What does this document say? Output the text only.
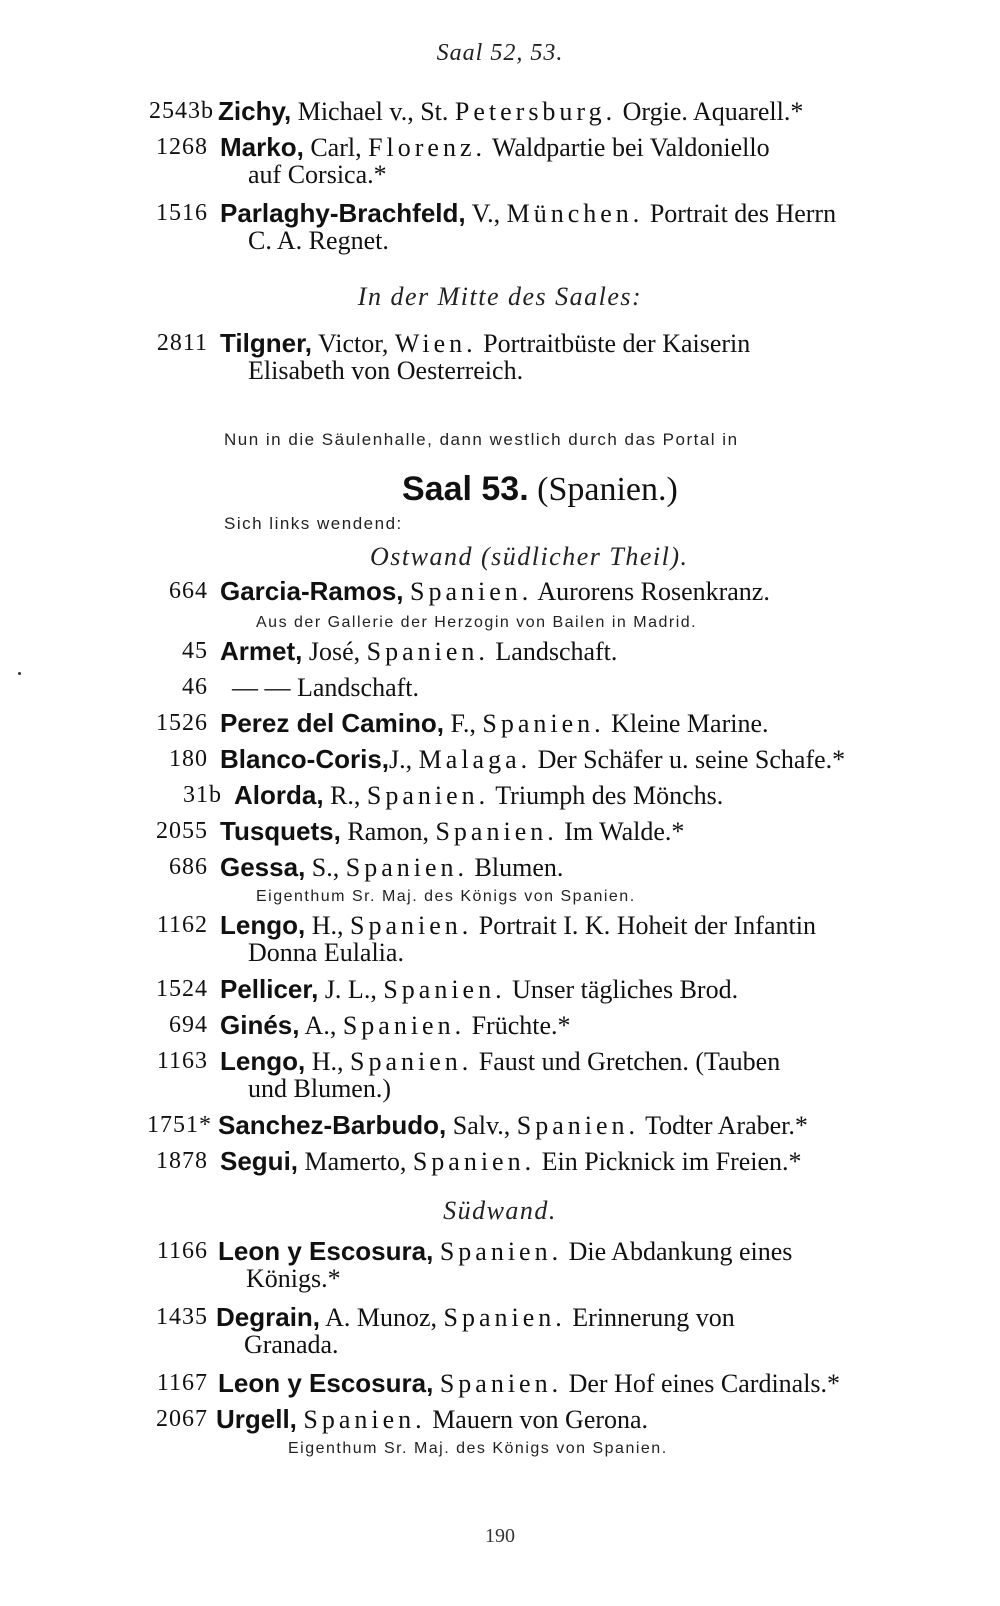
Saal 52, 53.
2543b Zichy, Michael v., St. Petersburg. Orgie. Aquarell.*
1268 Marko, Carl, Florenz. Waldpartie bei Valdoniello
auf Corsica.*
1516 Parlaghy-Brachfeld, V., München. Portrait des Herrn
C. A. Regnet.
In der Mitte des Saales:
2811 Tilgner, Victor, Wien. Portraitbüste der Kaiserin
Elisabeth von Oesterreich.
Nun in die Säulenhalle, dann westlich durch das Portal in
Saal 53. (Spanien.)
Sich links wendend:
Ostwand (südlicher Theil).
664 Garcia-Ramos, Spanien. Aurorens Rosenkranz.
Aus der Gallerie der Herzogin von Bailen in Madrid.
45 Armet, José, Spanien. Landschaft.
46 — — Landschaft.
1526 Perez del Camino, F., Spanien. Kleine Marine.
180 Blanco-Coris,J., Malaga. Der Schäfer u. seine Schafe.*
31b Alorda, R., Spanien. Triumph des Mönchs.
2055 Tusquets, Ramon, Spanien. Im Walde.*
686 Gessa, S., Spanien. Blumen.
Eigenthum Sr. Maj. des Königs von Spanien.
1162 Lengo, H., Spanien. Portrait I. K. Hoheit der Infantin
Donna Eulalia.
1524 Pellicer, J. L., Spanien. Unser tägliches Brod.
694 Ginés, A., Spanien. Früchte.*
1163 Lengo, H., Spanien. Faust und Gretchen. (Tauben
und Blumen.)
1751* Sanchez-Barbudo, Salv., Spanien. Todter Araber.*
1878 Segui, Mamerto, Spanien. Ein Picknick im Freien.*
Südwand.
1166 Leon y Escosura, Spanien. Die Abdankung eines
Königs.*
1435 Degrain, A. Munoz, Spanien. Erinnerung von
Granada.
1167 Leon y Escosura, Spanien. Der Hof eines Cardinals.*
2067 Urgell, Spanien. Mauern von Gerona.
Eigenthum Sr. Maj. des Königs von Spanien.
190
